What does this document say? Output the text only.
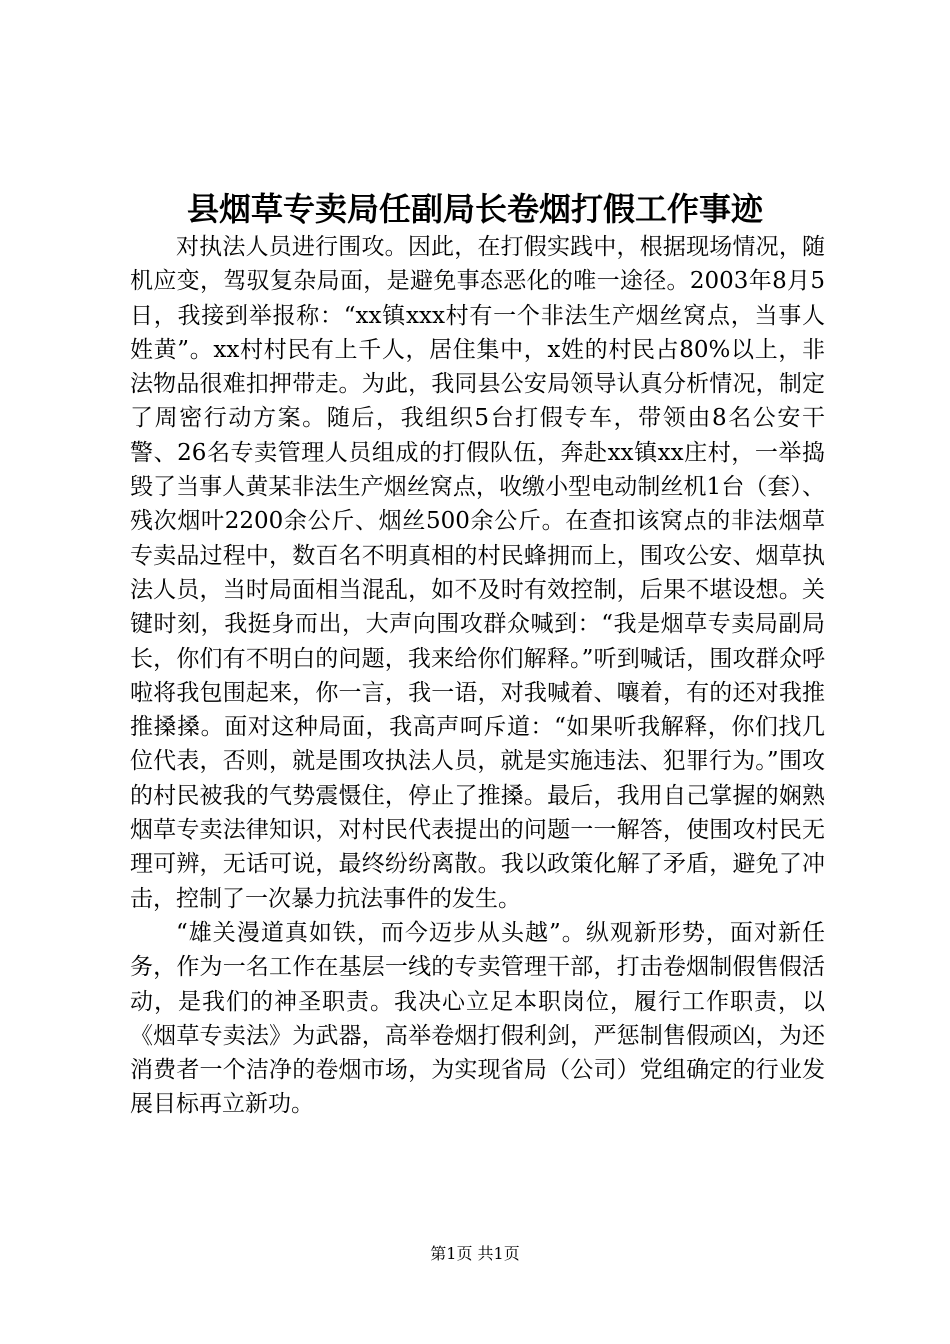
县烟草专卖局任副局长卷烟打假工作事迹

对执法人员进行围攻。因此，在打假实践中，根据现场情况，随机应变，驾驭复杂局面，是避免事态恶化的唯一途径。2003年8月5日，我接到举报称：“xx镇xxx村有一个非法生产烟丝窝点，当事人姓黄”。xx村村民有上千人，居住集中，x姓的村民占80%以上，非法物品很难扣押带走。为此，我同县公安局领导认真分析情况，制定了周密行动方案。随后，我组织5台打假专车，带领由8名公安干警、26名专卖管理人员组成的打假队伍，奔赴xx镇xx庄村，一举捣毁了当事人黄某非法生产烟丝窝点，收缴小型电动制丝机1台（套）、残次烟叶2200余公斤、烟丝500余公斤。在查扣该窝点的非法烟草专卖品过程中，数百名不明真相的村民蜂拥而上，围攻公安、烟草执法人员，当时局面相当混乱，如不及时有效控制，后果不堪设想。关键时刻，我挺身而出，大声向围攻群众喊到：“我是烟草专卖局副局长，你们有不明白的问题，我来给你们解释。”听到喊话，围攻群众呼啦将我包围起来，你一言，我一语，对我喊着、嚷着，有的还对我推推搡搡。面对这种局面，我高声呵斥道：“如果听我解释，你们找几位代表，否则，就是围攻执法人员，就是实施违法、犯罪行为。”围攻的村民被我的气势震慑住，停止了推搡。最后，我用自己掌握的娴熟烟草专卖法律知识，对村民代表提出的问题一一解答，使围攻村民无理可辨，无话可说，最终纷纷离散。我以政策化解了矛盾，避免了冲击，控制了一次暴力抗法事件的发生。

“雄关漫道真如铁，而今迈步从头越”。纵观新形势，面对新任务，作为一名工作在基层一线的专卖管理干部，打击卷烟制假售假活动，是我们的神圣职责。我决心立足本职岗位，履行工作职责，以《烟草专卖法》为武器，高举卷烟打假利剑，严惩制售假顽凶，为还消费者一个洁净的卷烟市场，为实现省局（公司）党组确定的行业发展目标再立新功。

第1页 共1页
